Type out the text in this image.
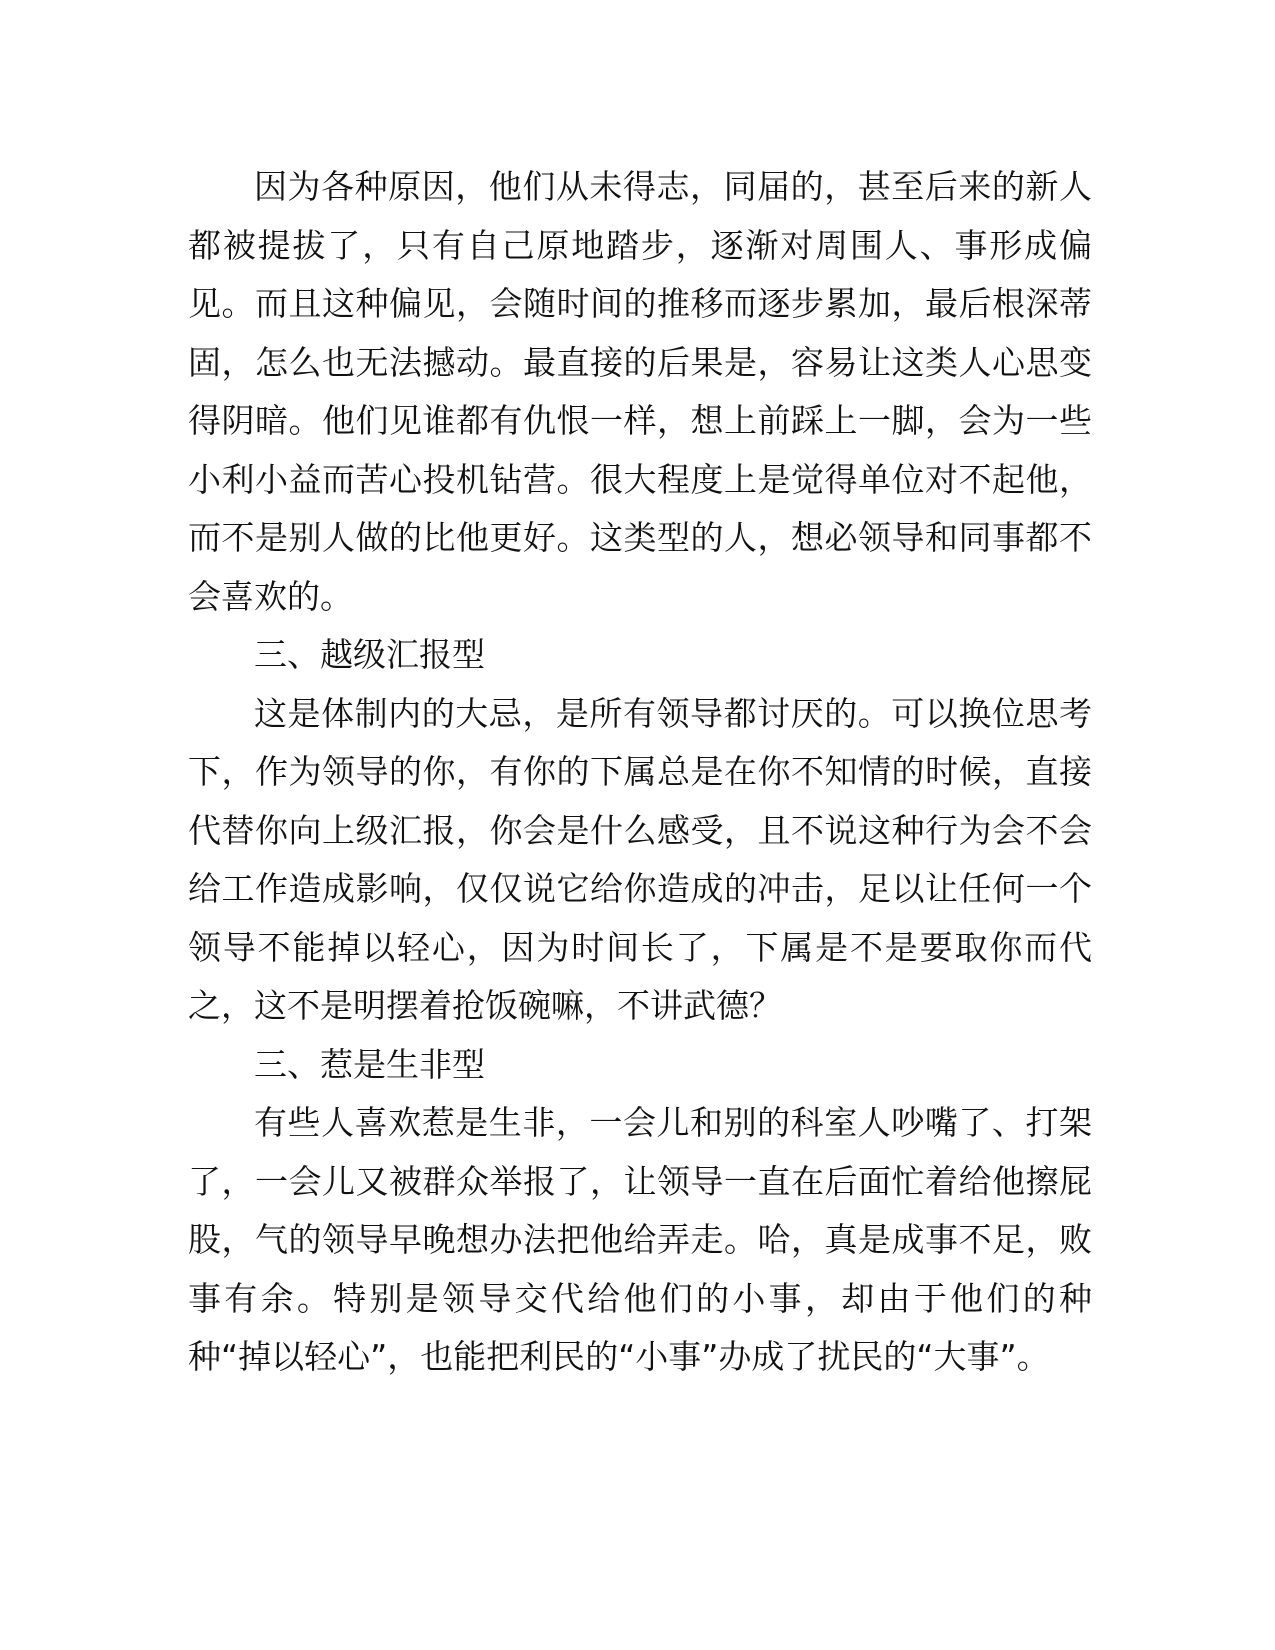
因为各种原因，他们从未得志，同届的，甚至后来的新人都被提拔了，只有自己原地踏步，逐渐对周围人、事形成偏见。而且这种偏见，会随时间的推移而逐步累加，最后根深蒂固，怎么也无法撼动。最直接的后果是，容易让这类人心思变得阴暗。他们见谁都有仇恨一样，想上前踩上一脚，会为一些小利小益而苦心投机钻营。很大程度上是觉得单位对不起他，而不是别人做的比他更好。这类型的人，想必领导和同事都不会喜欢的。

三、越级汇报型

这是体制内的大忌，是所有领导都讨厌的。可以换位思考下，作为领导的你，有你的下属总是在你不知情的时候，直接代替你向上级汇报，你会是什么感受，且不说这种行为会不会给工作造成影响，仅仅说它给你造成的冲击，足以让任何一个领导不能掉以轻心，因为时间长了，下属是不是要取你而代之，这不是明摆着抢饭碗嘛，不讲武德？

三、惹是生非型

有些人喜欢惹是生非，一会儿和别的科室人吵嘴了、打架了，一会儿又被群众举报了，让领导一直在后面忙着给他擦屁股，气的领导早晚想办法把他给弄走。哈，真是成事不足，败事有余。特别是领导交代给他们的小事，却由于他们的种种“掉以轻心”，也能把利民的“小事”办成了扰民的“大事”。
